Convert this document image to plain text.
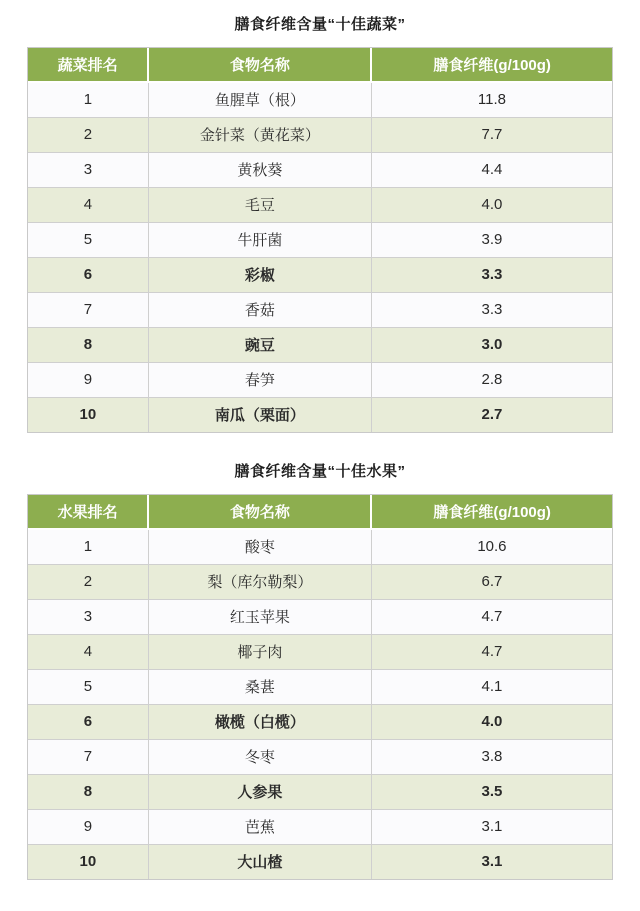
膳食纤维含量“十佳蔬菜”
蔬菜排名	食物名称	膳食纤维(g/100g)
1	鱼腥草（根）	11.8
2	金针菜（黄花菜）	7.7
3	黄秋葵	4.4
4	毛豆	4.0
5	牛肝菌	3.9
6	彩椒	3.3
7	香菇	3.3
8	豌豆	3.0
9	春笋	2.8
10	南瓜（栗面）	2.7
膳食纤维含量“十佳水果”
水果排名	食物名称	膳食纤维(g/100g)
1	酸枣	10.6
2	梨（库尔勒梨）	6.7
3	红玉苹果	4.7
4	椰子肉	4.7
5	桑葚	4.1
6	橄榄（白榄）	4.0
7	冬枣	3.8
8	人参果	3.5
9	芭蕉	3.1
10	大山楂	3.1
